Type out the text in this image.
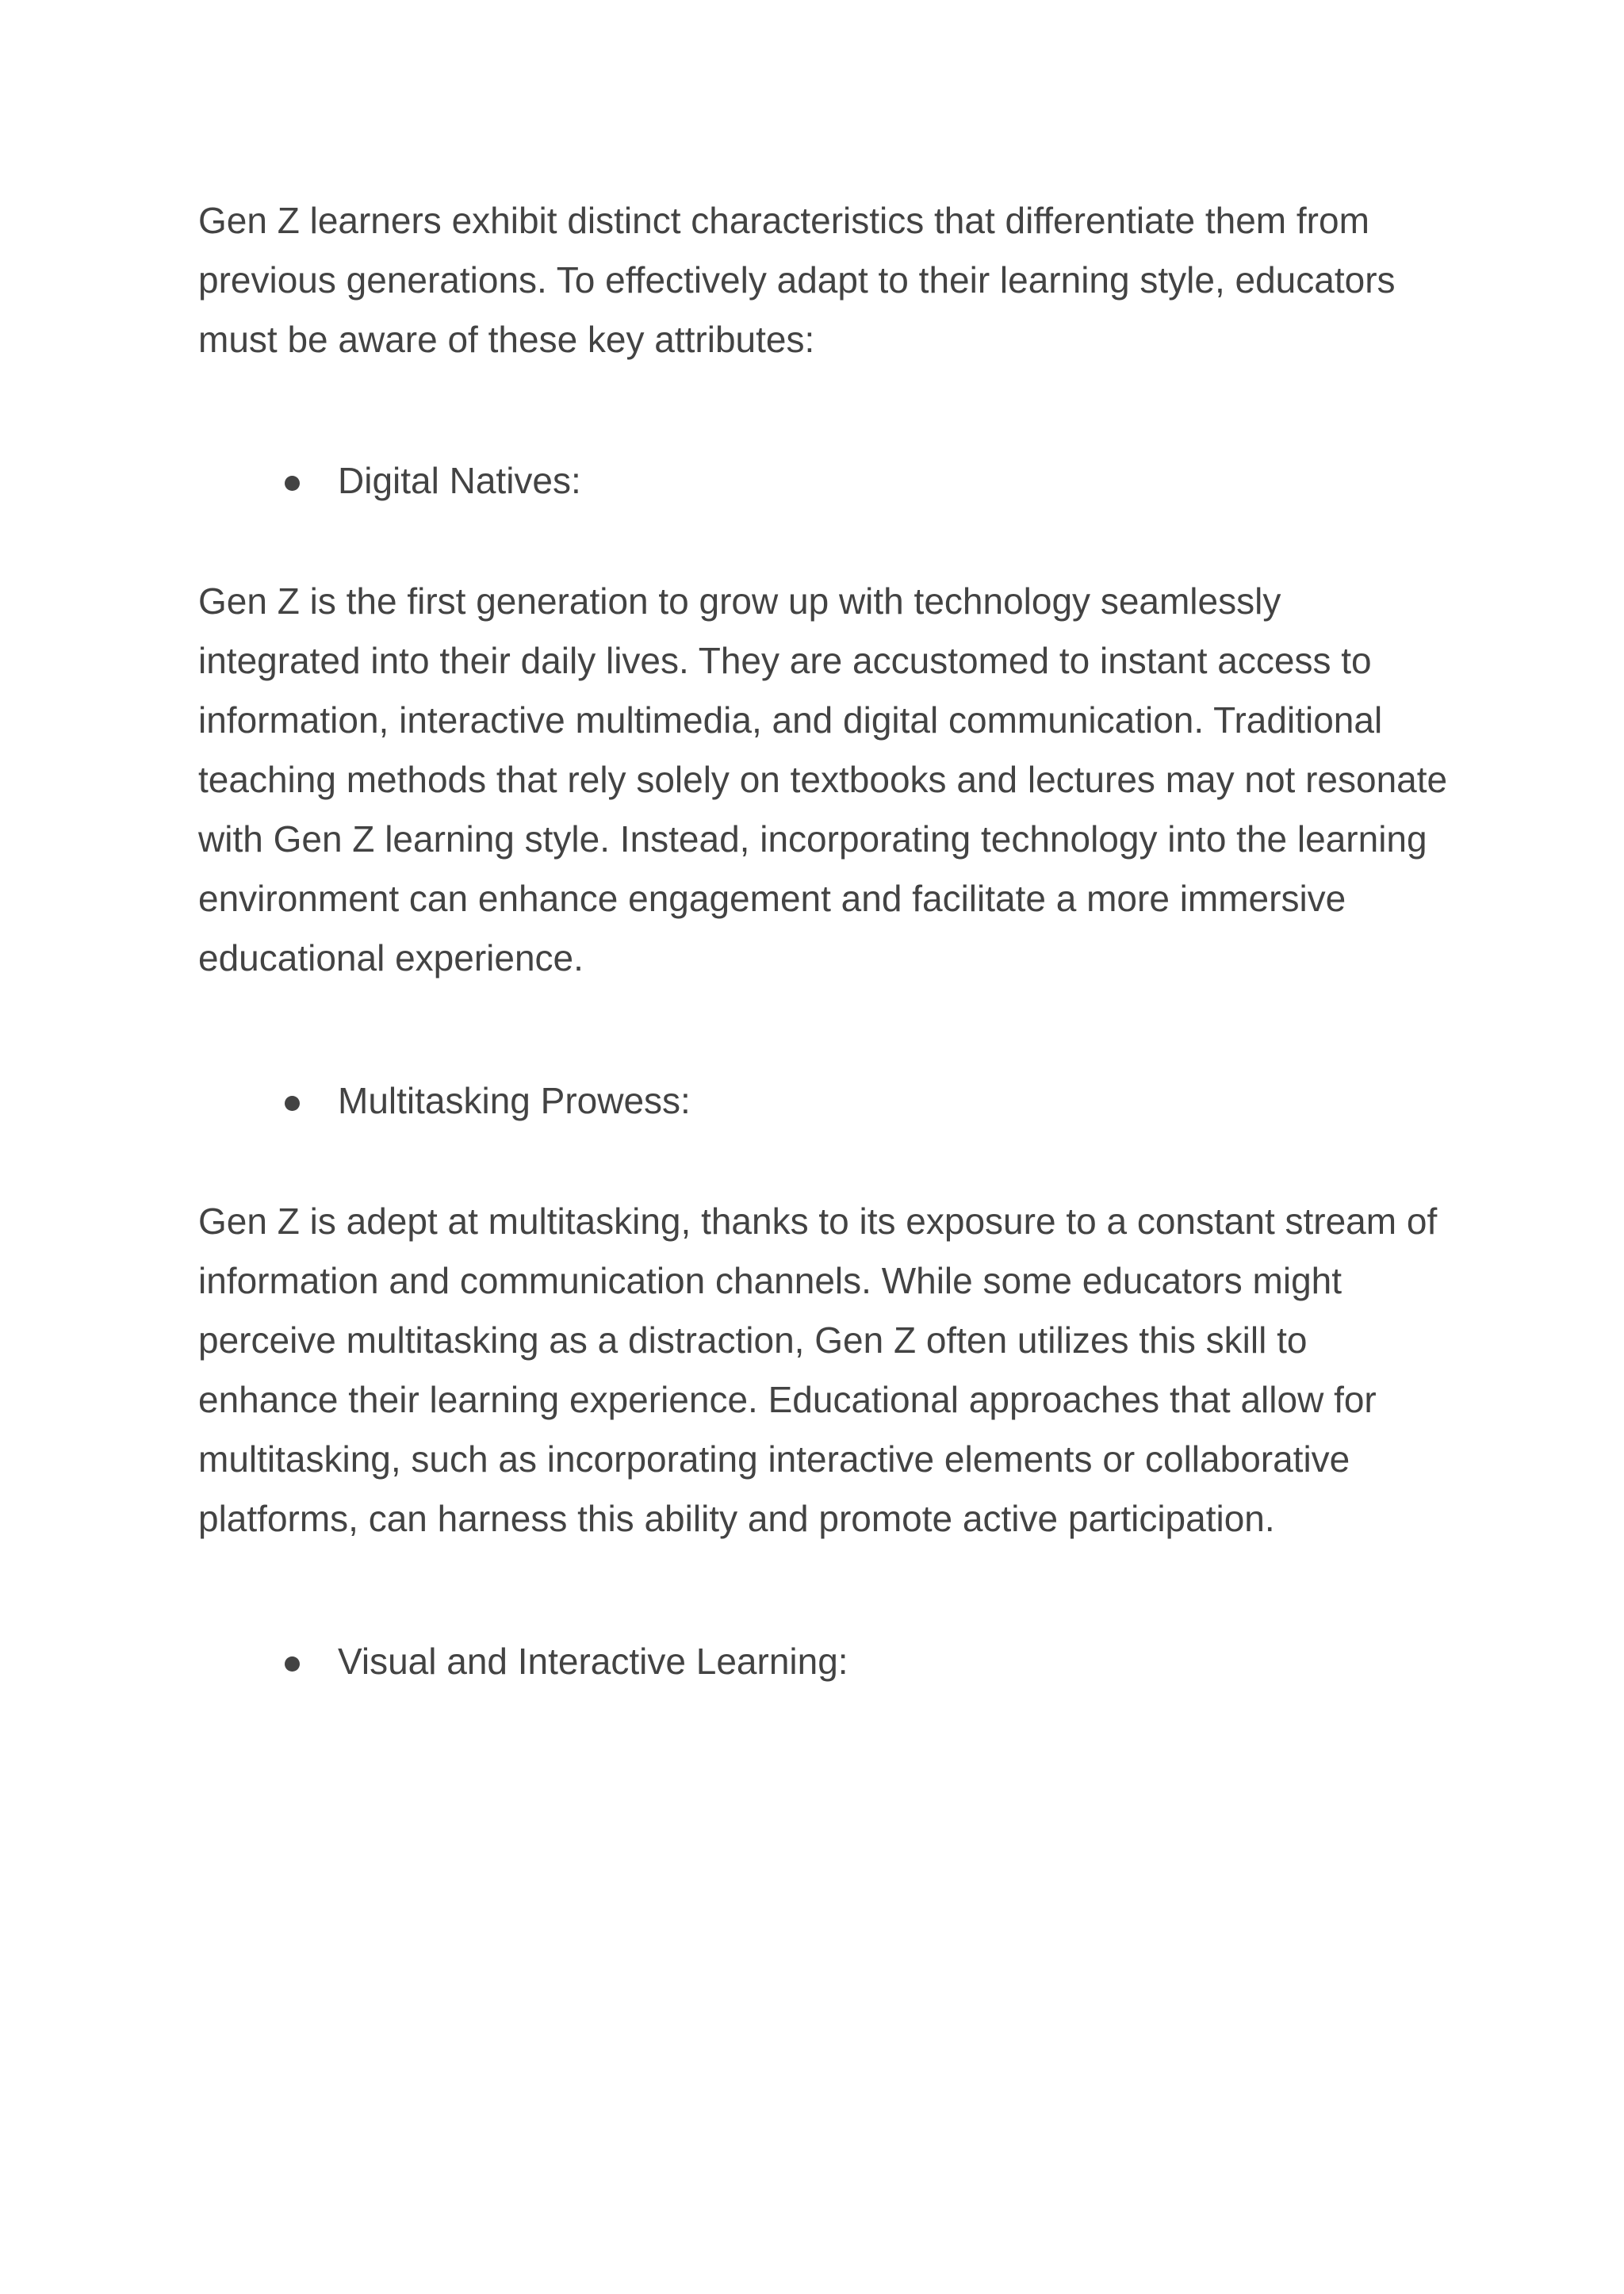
Gen Z learners exhibit distinct characteristics that differentiate them from previous generations. To effectively adapt to their learning style, educators must be aware of these key attributes:

Digital Natives:

Gen Z is the first generation to grow up with technology seamlessly integrated into their daily lives. They are accustomed to instant access to information, interactive multimedia, and digital communication. Traditional teaching methods that rely solely on textbooks and lectures may not resonate with Gen Z learning style. Instead, incorporating technology into the learning environment can enhance engagement and facilitate a more immersive educational experience.

Multitasking Prowess:

Gen Z is adept at multitasking, thanks to its exposure to a constant stream of information and communication channels. While some educators might perceive multitasking as a distraction, Gen Z often utilizes this skill to enhance their learning experience. Educational approaches that allow for multitasking, such as incorporating interactive elements or collaborative platforms, can harness this ability and promote active participation.

Visual and Interactive Learning:
